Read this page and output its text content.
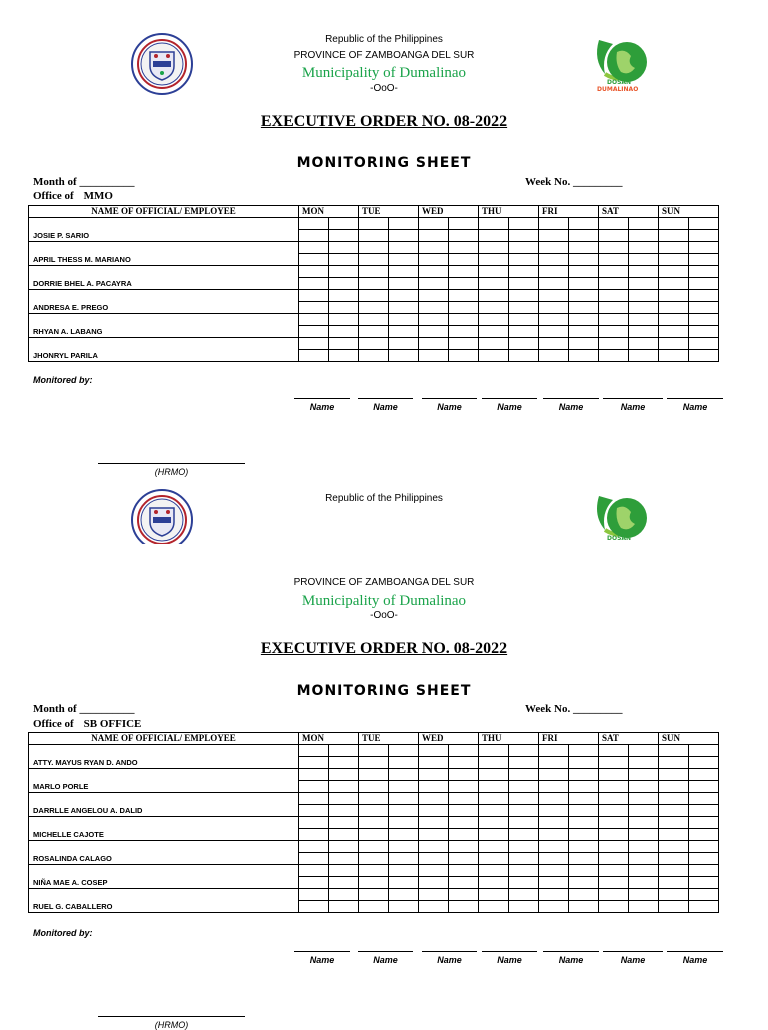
DOSAN
DUMALINAO
Republic of the Philippines
PROVINCE OF ZAMBOANGA DEL SUR
Municipality of Dumalinao
-OoO-
EXECUTIVE ORDER NO. 08-2022
MONITORING SHEET
Month of __________
Office of MMO
Week No. _________
NAME OF OFFICIAL/ EMPLOYEE	MON		TUE		WED		THU		FRI		SAT		SUN	
JOSIE P. SARIO														

APRIL THESS M. MARIANO														

DORRIE BHEL A. PACAYRA														

ANDRESA E. PREGO														

RHYAN A. LABANG														

JHONRYL PARILA														

Monitored by:
Name	Name	Name	Name	Name	Name	Name
(HRMO)
DOSAN
Republic of the Philippines
PROVINCE OF ZAMBOANGA DEL SUR
Municipality of Dumalinao
-OoO-
EXECUTIVE ORDER NO. 08-2022
MONITORING SHEET
Month of __________
Office of SB OFFICE
Week No. _________
NAME OF OFFICIAL/ EMPLOYEE	MON		TUE		WED		THU		FRI		SAT		SUN	
ATTY. MAYUS RYAN D. ANDO														

MARLO PORLE														

DARRLLE ANGELOU A. DALID														

MICHELLE CAJOTE														

ROSALINDA CALAGO														

NIÑA MAE A. COSEP														

RUEL G. CABALLERO														

Monitored by:
Name	Name	Name	Name	Name	Name	Name
(HRMO)
